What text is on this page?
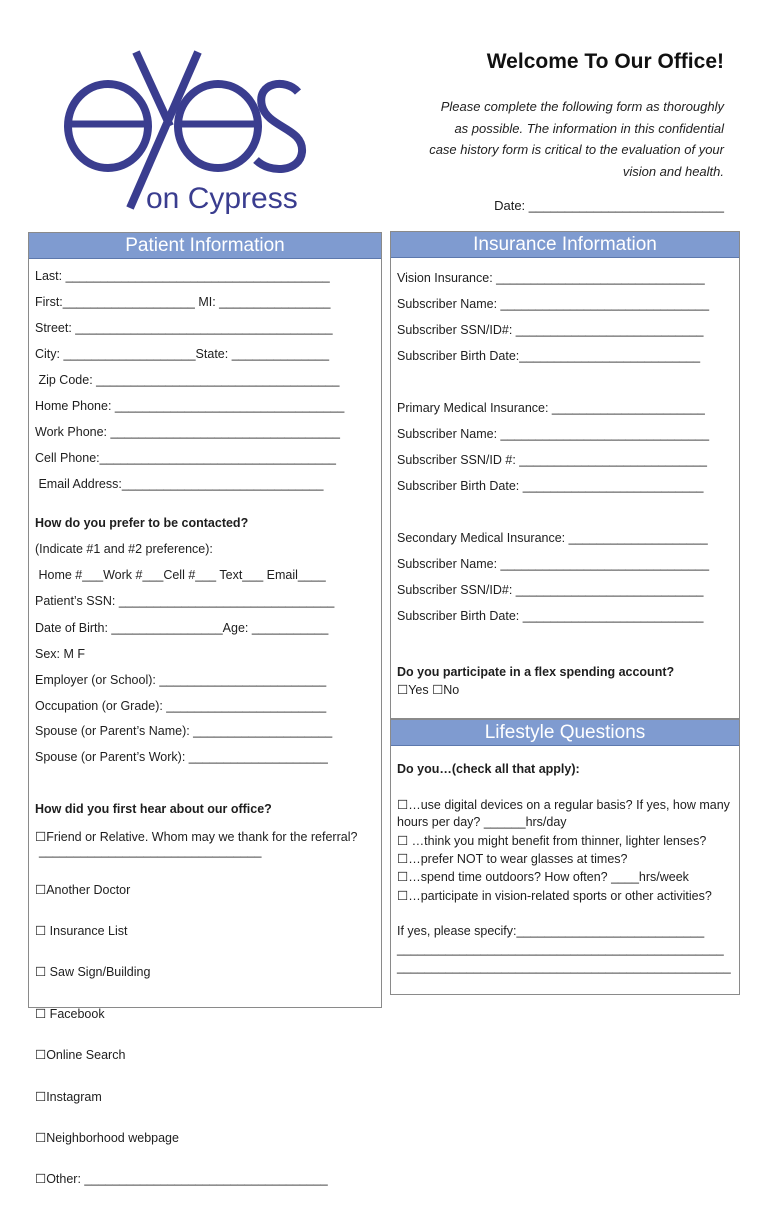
on Cypress
Welcome To Our Office!
Please complete the following form as thoroughly
as possible. The information in this confidential
case history form is critical to the evaluation of your
vision and health.
Date: ___________________________
Patient Information
Last: ______________________________________
First:___________________ MI: ________________
Street: _____________________________________
City: ___________________State: ______________
Zip Code: ___________________________________
Home Phone: _________________________________
Work Phone: _________________________________
Cell Phone:__________________________________
Email Address:_____________________________
How do you prefer to be contacted?
(Indicate #1 and #2 preference):
Home #___Work #___Cell #___ Text___ Email____
Patient’s SSN: _______________________________
Date of Birth: ________________Age: ___________
Sex: M F
Employer (or School): ________________________
Occupation (or Grade): _______________________
Spouse (or Parent’s Name): ____________________
Spouse (or Parent’s Work): ____________________
How did you first hear about our office?
☐Friend or Relative. Whom may we thank for the referral?
________________________________

☐Another Doctor

☐ Insurance List

☐ Saw Sign/Building

☐ Facebook

☐Online Search

☐Instagram

☐Neighborhood webpage

☐Other: ___________________________________

Insurance Information
Vision Insurance: ______________________________
Subscriber Name: ______________________________
Subscriber SSN/ID#: ___________________________
Subscriber Birth Date:__________________________
Primary Medical Insurance: ______________________
Subscriber Name: ______________________________
Subscriber SSN/ID #: ___________________________
Subscriber Birth Date: __________________________
Secondary Medical Insurance: ____________________
Subscriber Name: ______________________________
Subscriber SSN/ID#: ___________________________
Subscriber Birth Date: __________________________
Do you participate in a flex spending account?
☐Yes ☐No
Lifestyle Questions
Do you…(check all that apply):
☐…use digital devices on a regular basis? If yes, how many
hours per day? ______hrs/day
☐ …think you might benefit from thinner, lighter lenses?
☐…prefer NOT to wear glasses at times?
☐…spend time outdoors? How often? ____hrs/week
☐…participate in vision-related sports or other activities?
If yes, please specify:___________________________
_______________________________________________
________________________________________________
